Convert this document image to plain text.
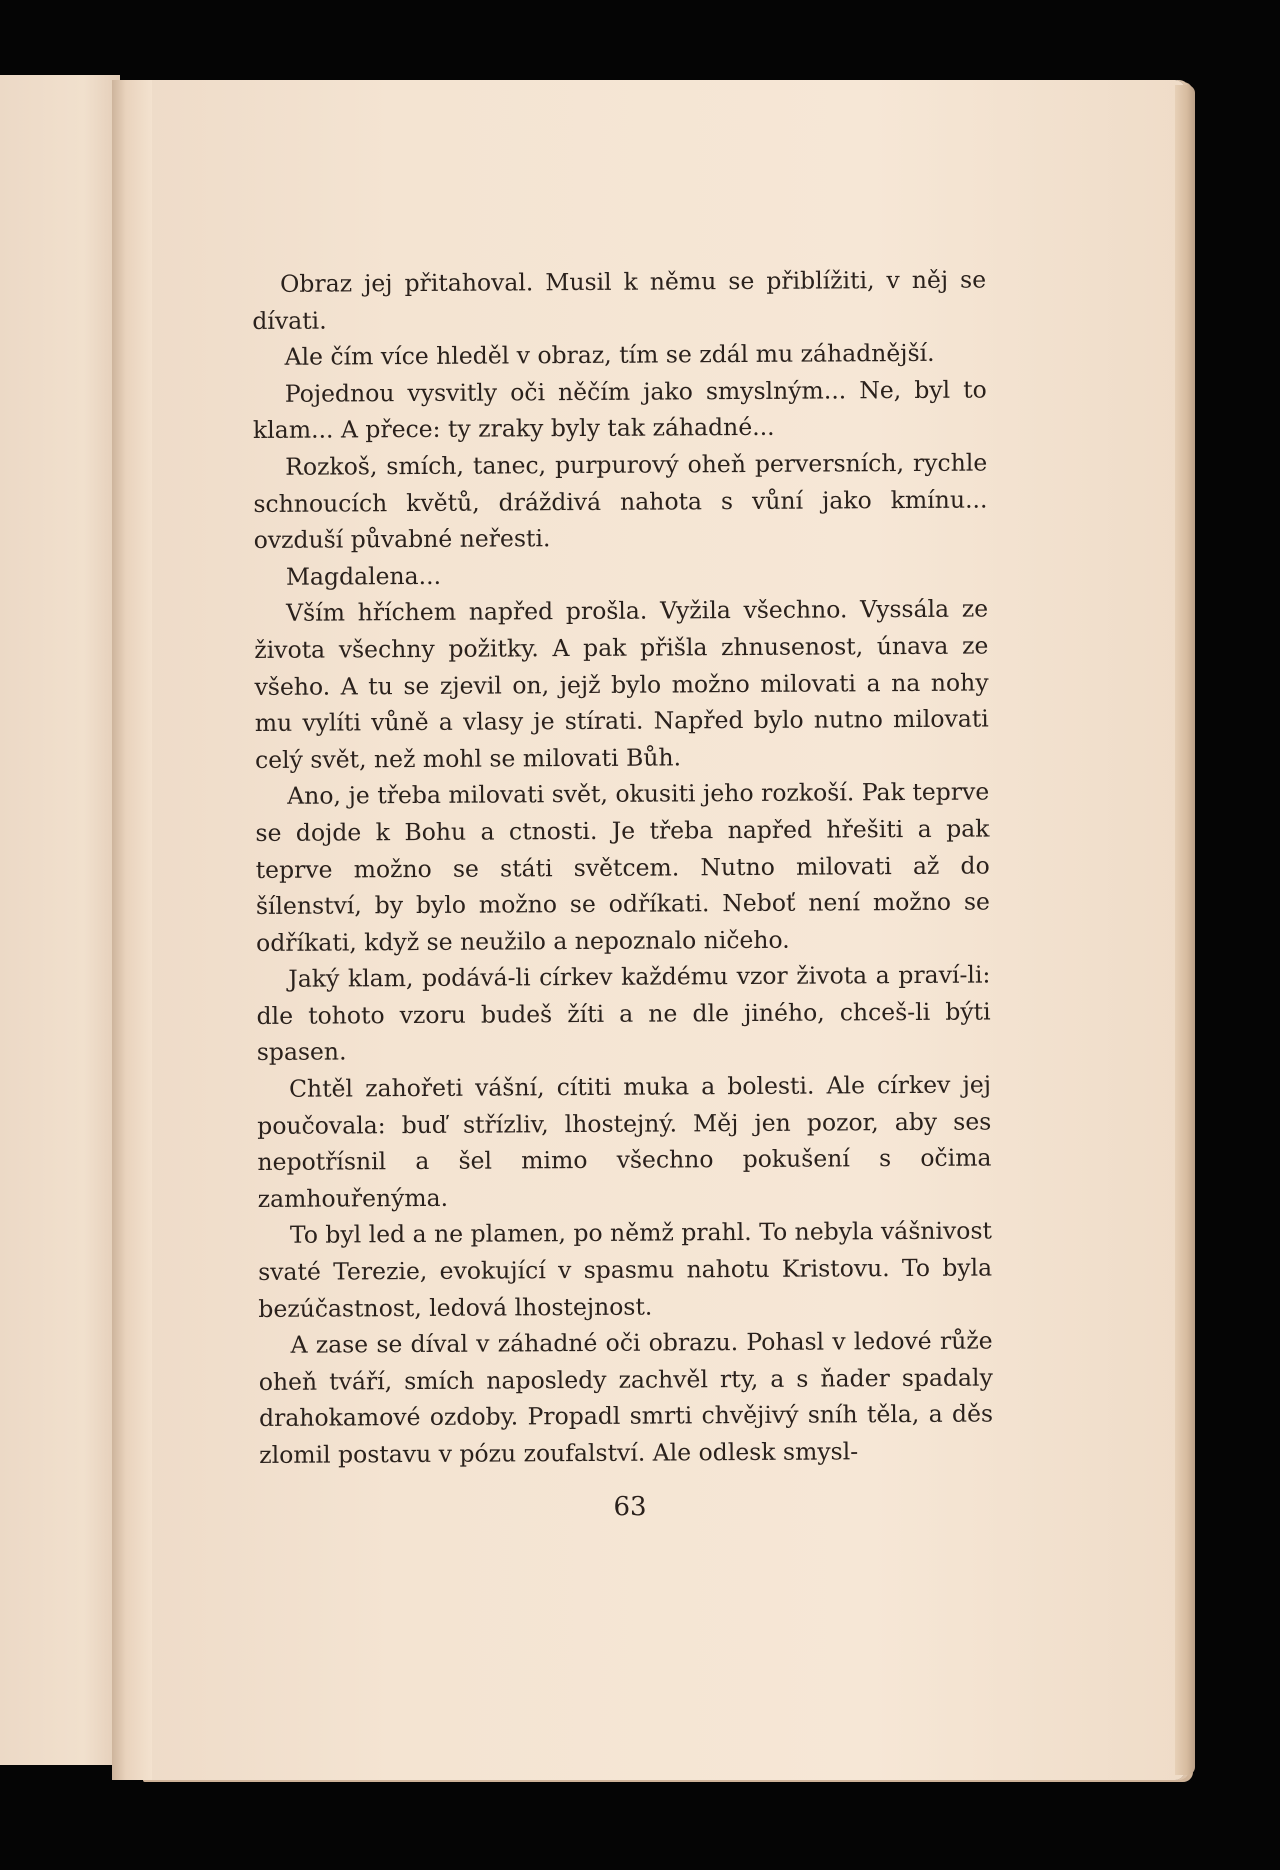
Obraz jej přitahoval. Musil k němu se přiblížiti, v něj se dívati.

Ale čím více hleděl v obraz, tím se zdál mu záhadnější.

Pojednou vysvitly oči něčím jako smyslným... Ne, byl to klam... A přece: ty zraky byly tak záhadné...

Rozkoš, smích, tanec, purpurový oheň perversních, rychle schnoucích květů, dráždivá nahota s vůní jako kmínu... ovzduší půvabné neřesti.

Magdalena...

Vším hříchem napřed prošla. Vyžila všechno. Vyssála ze života všechny požitky. A pak přišla zhnusenost, únava ze všeho. A tu se zjevil on, jejž bylo možno milovati a na nohy mu vylíti vůně a vlasy je stírati. Napřed bylo nutno milovati celý svět, než mohl se milovati Bůh.

Ano, je třeba milovati svět, okusiti jeho rozkoší. Pak teprve se dojde k Bohu a ctnosti. Je třeba napřed hřešiti a pak teprve možno se státi světcem. Nutno milovati až do šílenství, by bylo možno se odříkati. Neboť není možno se odříkati, když se neužilo a nepoznalo ničeho.

Jaký klam, podává-li církev každému vzor života a praví-li: dle tohoto vzoru budeš žíti a ne dle jiného, chceš-li býti spasen.

Chtěl zahořeti vášní, cítiti muka a bolesti. Ale církev jej poučovala: buď střízliv, lhostejný. Měj jen pozor, aby ses nepotřísnil a šel mimo všechno pokušení s očima zamhouřenýma.

To byl led a ne plamen, po němž prahl. To nebyla vášnivost svaté Terezie, evokující v spasmu nahotu Kristovu. To byla bezúčastnost, ledová lhostejnost.

A zase se díval v záhadné oči obrazu. Pohasl v ledové růže oheň tváří, smích naposledy zachvěl rty, a s ňader spadaly drahokamové ozdoby. Propadl smrti chvějivý sníh těla, a děs zlomil postavu v pózu zoufalství. Ale odlesk smysl-

63
